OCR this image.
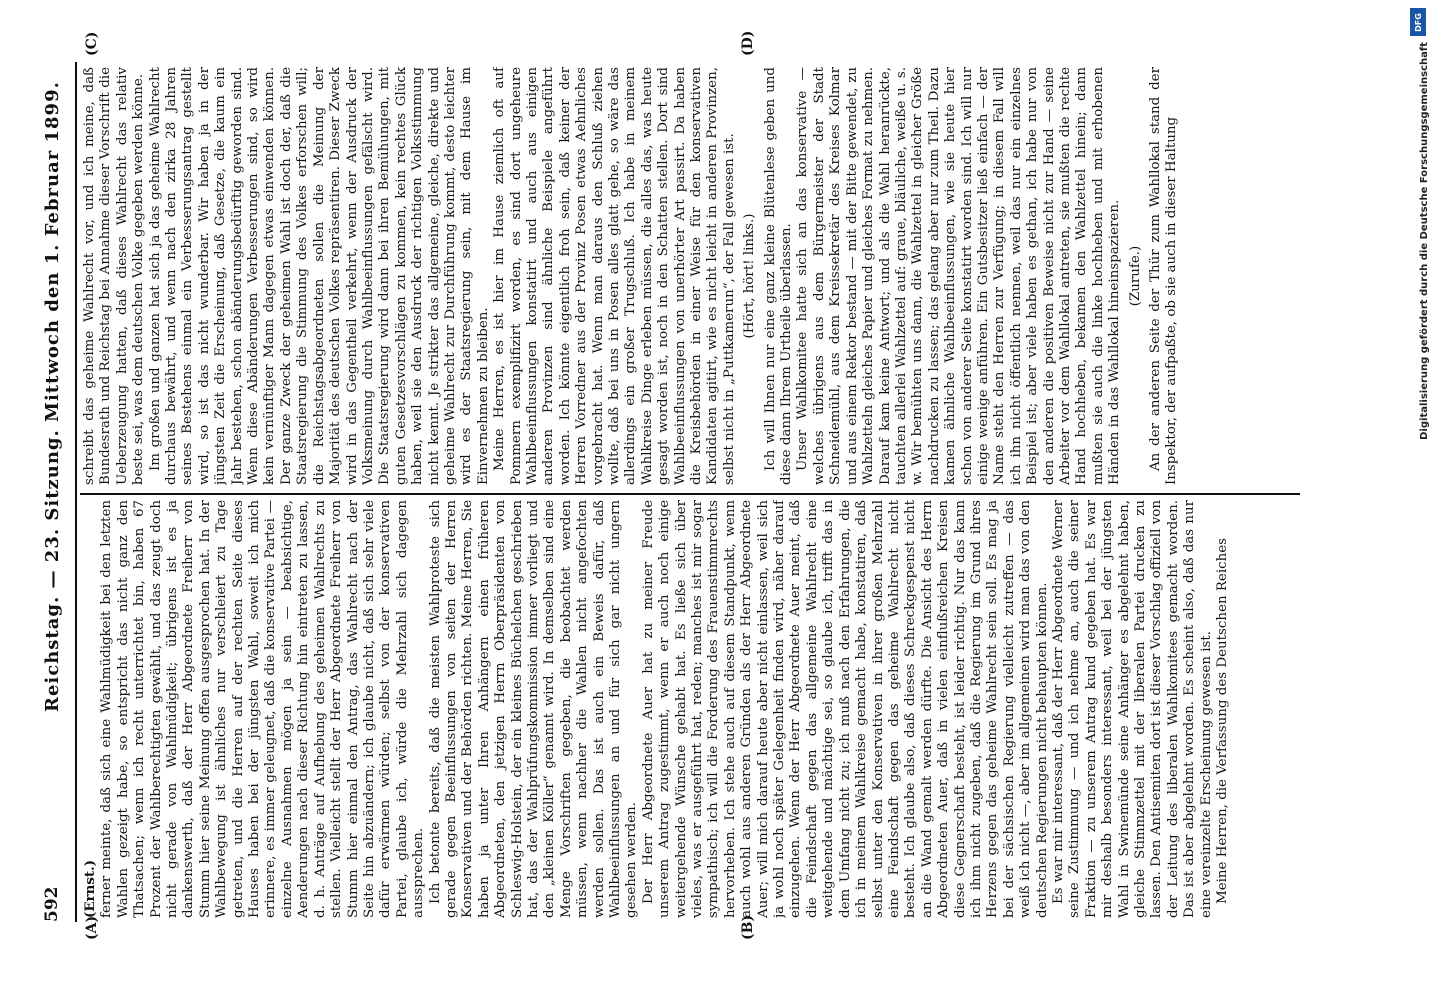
592
Reichstag. — 23. Sitzung. Mittwoch den 1. Februar 1899.
(A)	(B)
(C)	(D)

(Ernst.) ferner meinte, daß sich eine Wahlmüdigkeit bei den letzten Wahlen gezeigt habe, so entspricht das nicht ganz den Thatsachen; wenn ich recht unterrichtet bin, haben 67 Prozent der Wahlberechtigten gewählt, und das zeugt doch nicht gerade von Wahlmüdigkeit; übrigens ist es ja dankenswerth, daß der Herr Abgeordnete Freiherr von Stumm hier seine Meinung offen ausgesprochen hat. In der Wahlbewegung ist ähnliches nur verschleiert zu Tage getreten, und die Herren auf der rechten Seite dieses Hauses haben bei der jüngsten Wahl, soweit ich mich erinnere, es immer geleugnet, daß die konservative Partei — einzelne Ausnahmen mögen ja sein — beabsichtige, Aenderungen nach dieser Richtung hin eintreten zu lassen, d. h. Anträge auf Aufhebung des geheimen Wahlrechts zu stellen. Vielleicht stellt der Herr Abgeordnete Freiherr von Stumm hier einmal den Antrag, das Wahlrecht nach der Seite hin abzuändern; ich glaube nicht, daß sich sehr viele dafür erwärmen würden; selbst von der konservativen Partei, glaube ich, würde die Mehrzahl sich dagegen aussprechen. Ich betonte bereits, daß die meisten Wahlproteste sich gerade gegen Beeinflussungen von seiten der Herren Konservativen und der Behörden richten. Meine Herren, Sie haben ja unter Ihren Anhängern einen früheren Abgeordneten, den jetzigen Herrn Oberpräsidenten von Schleswig-Holstein, der ein kleines Büchelchen geschrieben hat, das der Wahlprüfungskommission immer vorliegt und den „kleinen Köller“ genannt wird. In demselben sind eine Menge Vorschriften gegeben, die beobachtet werden müssen, wenn nachher die Wahlen nicht angefochten werden sollen. Das ist auch ein Beweis dafür, daß Wahlbeeinflussungen an und für sich gar nicht ungern gesehen werden. Der Herr Abgeordnete Auer hat zu meiner Freude unserem Antrag zugestimmt, wenn er auch noch einige weitergehende Wünsche gehabt hat. Es ließe sich über vieles, was er ausgeführt hat, reden; manches ist mir sogar sympathisch; ich will die Forderung des Frauenstimmrechts hervorheben. Ich stehe auch auf diesem Standpunkt, wenn auch wohl aus anderen Gründen als der Herr Abgeordnete Auer; will mich darauf heute aber nicht einlassen, weil sich ja wohl noch später Gelegenheit finden wird, näher darauf einzugehen. Wenn der Herr Abgeordnete Auer meint, daß die Feindschaft gegen das allgemeine Wahlrecht eine weitgehende und mächtige sei, so glaube ich, trifft das in dem Umfang nicht zu; ich muß nach den Erfahrungen, die ich in meinem Wahlkreise gemacht habe, konstatiren, daß selbst unter den Konservativen in ihrer großen Mehrzahl eine Feindschaft gegen das geheime Wahlrecht nicht besteht. Ich glaube also, daß dieses Schreckgespenst nicht an die Wand gemalt werden dürfte. Die Ansicht des Herrn Abgeordneten Auer, daß in vielen einflußreichen Kreisen diese Gegnerschaft besteht, ist leider richtig. Nur das kann ich ihm nicht zugeben, daß die Regierung im Grund ihres Herzens gegen das geheime Wahlrecht sein soll. Es mag ja bei der sächsischen Regierung vielleicht zutreffen — das weiß ich nicht —, aber im allgemeinen wird man das von den deutschen Regierungen nicht behaupten können. Es war mir interessant, daß der Herr Abgeordnete Werner seine Zustimmung — und ich nehme an, auch die seiner Fraktion — zu unserem Antrag kund gegeben hat. Es war mir deshalb besonders interessant, weil bei der jüngsten Wahl in Swinemünde seine Anhänger es abgelehnt haben, gleiche Stimmzettel mit der liberalen Partei drucken zu lassen. Den Antisemiten dort ist dieser Vorschlag offiziell von der Leitung des liberalen Wahlkomitees gemacht worden. Das ist aber abgelehnt worden. Es scheint also, daß das nur eine vereinzelte Erscheinung gewesen ist. Meine Herren, die Verfassung des Deutschen Reiches

schreibt das geheime Wahlrecht vor, und ich meine, daß Bundesrath und Reichstag bei Annahme dieser Vorschrift die Ueberzeugung hatten, daß dieses Wahlrecht das relativ beste sei, was dem deutschen Volke gegeben werden könne. Im großen und ganzen hat sich ja das geheime Wahlrecht durchaus bewährt, und wenn nach den zirka 28 Jahren seines Bestehens einmal ein Verbesserungsantrag gestellt wird, so ist das nicht wunderbar. Wir haben ja in der jüngsten Zeit die Erscheinung, daß Gesetze, die kaum ein Jahr bestehen, schon abänderungsbedürftig geworden sind. Wenn diese Abänderungen Verbesserungen sind, so wird kein vernünftiger Mann dagegen etwas einwenden können. Der ganze Zweck der geheimen Wahl ist doch der, daß die Staatsregierung die Stimmung des Volkes erforschen will; die Reichstagsabgeordneten sollen die Meinung der Majorität des deutschen Volkes repräsentiren. Dieser Zweck wird in das Gegentheil verkehrt, wenn der Ausdruck der Volksmeinung durch Wahlbeeinflussungen gefälscht wird. Die Staatsregierung wird dann bei ihren Bemühungen, mit guten Gesetzesvorschlägen zu kommen, kein rechtes Glück haben, weil sie den Ausdruck der richtigen Volksstimmung nicht kennt. Je strikter das allgemeine, gleiche, direkte und geheime Wahlrecht zur Durchführung kommt, desto leichter wird es der Staatsregierung sein, mit dem Hause im Einvernehmen zu bleiben. Meine Herren, es ist hier im Hause ziemlich oft auf Pommern exemplifizirt worden, es sind dort ungeheure Wahlbeeinflussungen konstatirt und auch aus einigen anderen Provinzen sind ähnliche Beispiele angeführt worden. Ich könnte eigentlich froh sein, daß keiner der Herren Vorredner aus der Provinz Posen etwas Aehnliches vorgebracht hat. Wenn man daraus den Schluß ziehen wollte, daß bei uns in Posen alles glatt gehe, so wäre das allerdings ein großer Trugschluß. Ich habe in meinem Wahlkreise Dinge erleben müssen, die alles das, was heute gesagt worden ist, noch in den Schatten stellen. Dort sind Wahlbeeinflussungen von unerhörter Art passirt. Da haben die Kreisbehörden in einer Weise für den konservativen Kandidaten agitirt, wie es nicht leicht in anderen Provinzen, selbst nicht in „Puttkamerun“, der Fall gewesen ist. (Hört, hört! links.) Ich will Ihnen nur eine ganz kleine Blütenlese geben und diese dann Ihrem Urtheile überlassen. Unser Wahlkomitee hatte sich an das konservative — welches übrigens aus dem Bürgermeister der Stadt Schneidemühl, aus dem Kreissekretär des Kreises Kolmar und aus einem Rektor bestand — mit der Bitte gewendet, zu Wahlzetteln gleiches Papier und gleiches Format zu nehmen. Darauf kam keine Antwort; und als die Wahl heranrückte, tauchten allerlei Wahlzettel auf: graue, bläuliche, weiße u. s. w. Wir bemühten uns dann, die Wahlzettel in gleicher Größe nachdrucken zu lassen; das gelang aber nur zum Theil. Dazu kamen ähnliche Wahlbeeinflussungen, wie sie heute hier schon von anderer Seite konstatirt worden sind. Ich will nur einige wenige anführen. Ein Gutsbesitzer ließ einfach — der Name steht den Herren zur Verfügung; in diesem Fall will ich ihn nicht öffentlich nennen, weil das nur ein einzelnes Beispiel ist; aber viele haben es gethan, ich habe nur von den anderen die positiven Beweise nicht zur Hand — seine Arbeiter vor dem Wahllokal antreten, sie mußten die rechte Hand hochheben, bekamen den Wahlzettel hinein; dann mußten sie auch die linke hochheben und mit erhobenen Händen in das Wahllokal hineinspazieren. (Zurufe.) An der anderen Seite der Thür zum Wahllokal stand der Inspektor, der aufpaßte, ob sie auch in dieser Haltung

DFG
Digitalisierung gefördert durch die Deutsche Forschungsgemeinschaft
